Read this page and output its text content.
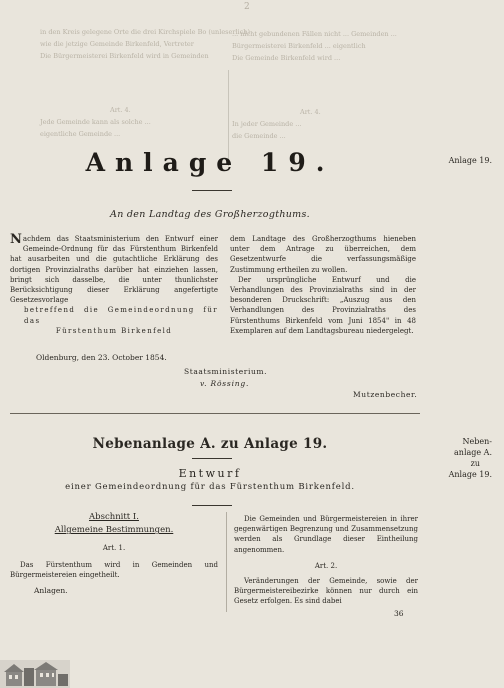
2
in den Kreis gelegene Orte die drei Kirchspiele Bo (unleserlich)
wie die jetzige Gemeinde Birkenfeld, Vertreter
Die Bürgermeisterei Birkenfeld wird in Gemeinden
Art. 4.
Jede Gemeinde kann als solche ...
eigentliche Gemeinde ...
... nicht gebundenen Fällen nicht ... Gemeinden ...
Bürgermeisterei Birkenfeld ... eigentlich
Die Gemeinde Birkenfeld wird ...
Art. 4.
In jeder Gemeinde ...
die Gemeinde ...
Anlage 19.	Anlage 19.
An den Landtag des Großherzogthums.

Nachdem das Staatsministerium den Entwurf einer Gemeinde-Ordnung für das Fürstenthum Birkenfeld hat ausarbeiten und die gutachtliche Erklärung des dortigen Provinzialraths darüber hat einziehen lassen, bringt sich dasselbe, die unter thunlichster Berücksichtigung dieser Erklärung angefertigte Gesetzesvorlage

betreffend die Gemeindeordnung für das

Fürstenthum Birkenfeld

dem Landtage des Großherzogthums hieneben unter dem Antrage zu überreichen, dem Gesetzentwurfe die verfassungsmäßige Zustimmung ertheilen zu wollen.

Der ursprüngliche Entwurf und die Verhandlungen des Provinzialraths sind in der besonderen Druckschrift: „Auszug aus den Verhandlungen des Provinzialraths des Fürstenthums Birkenfeld vom Juni 1854" in 48 Exemplaren auf dem Landtagsbureau niedergelegt.

Oldenburg, den 23. October 1854.
Staatsministerium.
v. Rössing.
Mutzenbecher.
Nebenanlage A. zu Anlage 19.	Neben-
anlage A.
zu
Anlage 19.
Entwurf
einer Gemeindeordnung für das Fürstenthum Birkenfeld.

Abschnitt I.

Allgemeine Bestimmungen.

Art. 1.

Das Fürstenthum wird in Gemeinden und Bürgermeistereien eingetheilt.

Anlagen.

Die Gemeinden und Bürgermeistereien in ihrer gegenwärtigen Begrenzung und Zusammensetzung werden als Grundlage dieser Eintheilung angenommen.

Art. 2.

Veränderungen der Gemeinde, sowie der Bürgermeistereibezirke können nur durch ein Gesetz erfolgen. Es sind dabei

36
